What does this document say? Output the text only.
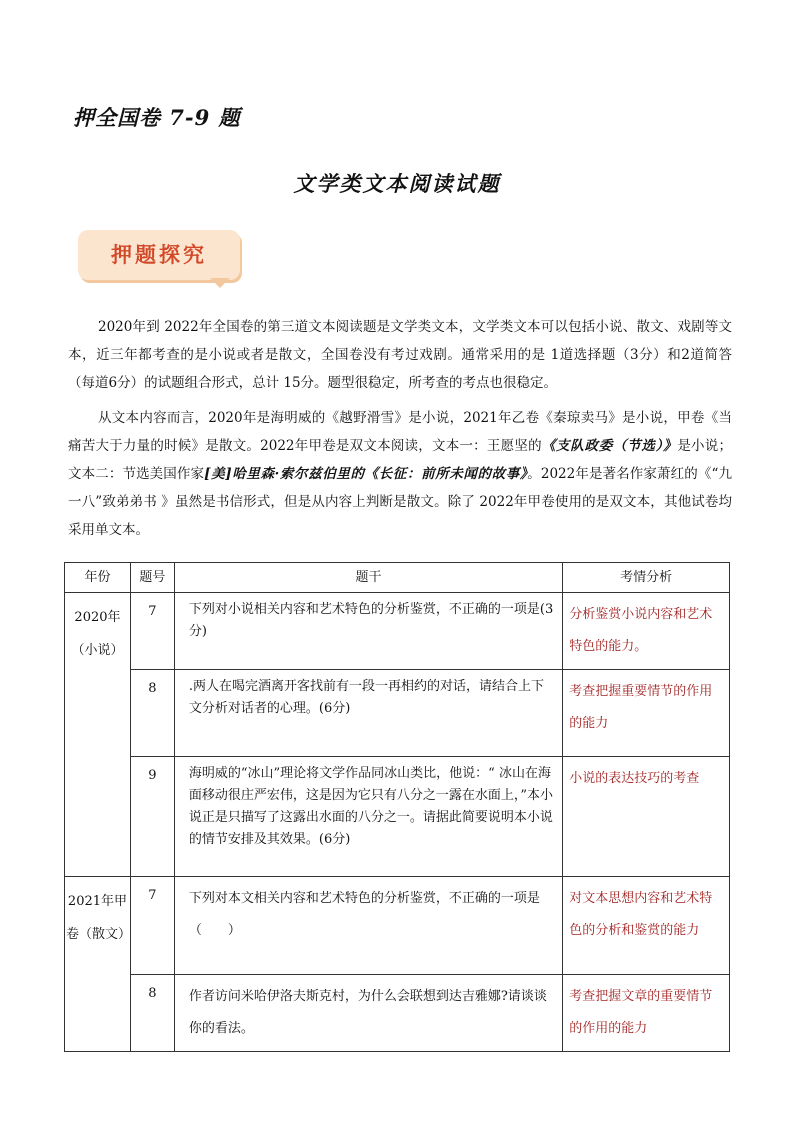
押全国卷 7-9 题
文学类文本阅读试题
押题探究

2020年到 2022年全国卷的第三道文本阅读题是文学类文本，文学类文本可以包括小说、散文、戏剧等文本，近三年都考查的是小说或者是散文，全国卷没有考过戏剧。通常采用的是 1道选择题（3分）和2道简答（每道6分）的试题组合形式，总计 15分。题型很稳定，所考查的考点也很稳定。

从文本内容而言，2020年是海明威的《越野滑雪》是小说，2021年乙卷《秦琼卖马》是小说，甲卷《当痛苦大于力量的时候》是散文。2022年甲卷是双文本阅读，文本一：王愿坚的《支队政委（节选）》是小说；文本二：节选美国作家[美]哈里森·索尔兹伯里的《长征：前所未闻的故事》。2022年是著名作家萧红的《“九一八”致弟弟书 》虽然是书信形式，但是从内容上判断是散文。除了 2022年甲卷使用的是双文本，其他试卷均采用单文本。

年份	题号	题干	考情分析
2020年（小说）	7	下列对小说相关内容和艺术特色的分析鉴赏，不正确的一项是(3分)	分析鉴赏小说内容和艺术特色的能力。
	8	.两人在喝完酒离开客找前有一段一再相约的对话，请结合上下文分析对话者的心理。(6分)	考查把握重要情节的作用的能力
	9	海明威的“冰山”理论将文学作品同冰山类比，他说：“ 冰山在海面移动很庄严宏伟，这是因为它只有八分之一露在水面上，”本小说正是只描写了这露出水面的八分之一。请据此简要说明本小说的情节安排及其效果。(6分)	小说的表达技巧的考查
2021年甲卷（散文）	7	下列对本文相关内容和艺术特色的分析鉴赏，不正确的一项是（　　）	对文本思想内容和艺术特色的分析和鉴赏的能力
	8	作者访问米哈伊洛夫斯克村，为什么会联想到达吉雅娜?请谈谈你的看法。	考查把握文章的重要情节的作用的能力
